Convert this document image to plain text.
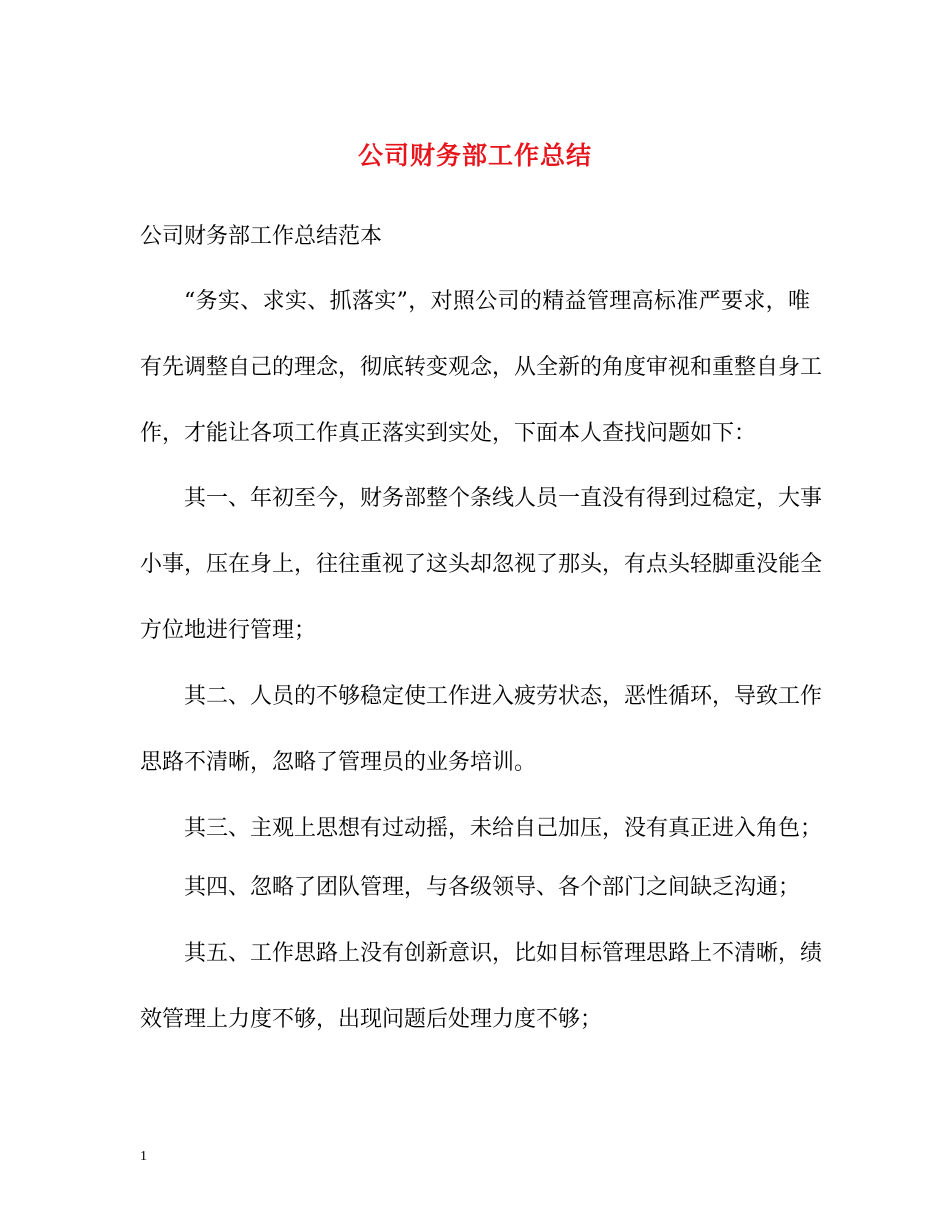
公司财务部工作总结
公司财务部工作总结范本
“务实、求实、抓落实”，对照公司的精益管理高标准严要求，唯
有先调整自己的理念，彻底转变观念，从全新的角度审视和重整自身工
作，才能让各项工作真正落实到实处，下面本人查找问题如下：
其一、年初至今，财务部整个条线人员一直没有得到过稳定，大事
小事，压在身上，往往重视了这头却忽视了那头，有点头轻脚重没能全
方位地进行管理；
其二、人员的不够稳定使工作进入疲劳状态，恶性循环，导致工作
思路不清晰，忽略了管理员的业务培训。
其三、主观上思想有过动摇，未给自己加压，没有真正进入角色；
其四、忽略了团队管理，与各级领导、各个部门之间缺乏沟通；
其五、工作思路上没有创新意识，比如目标管理思路上不清晰，绩
效管理上力度不够，出现问题后处理力度不够；
1
